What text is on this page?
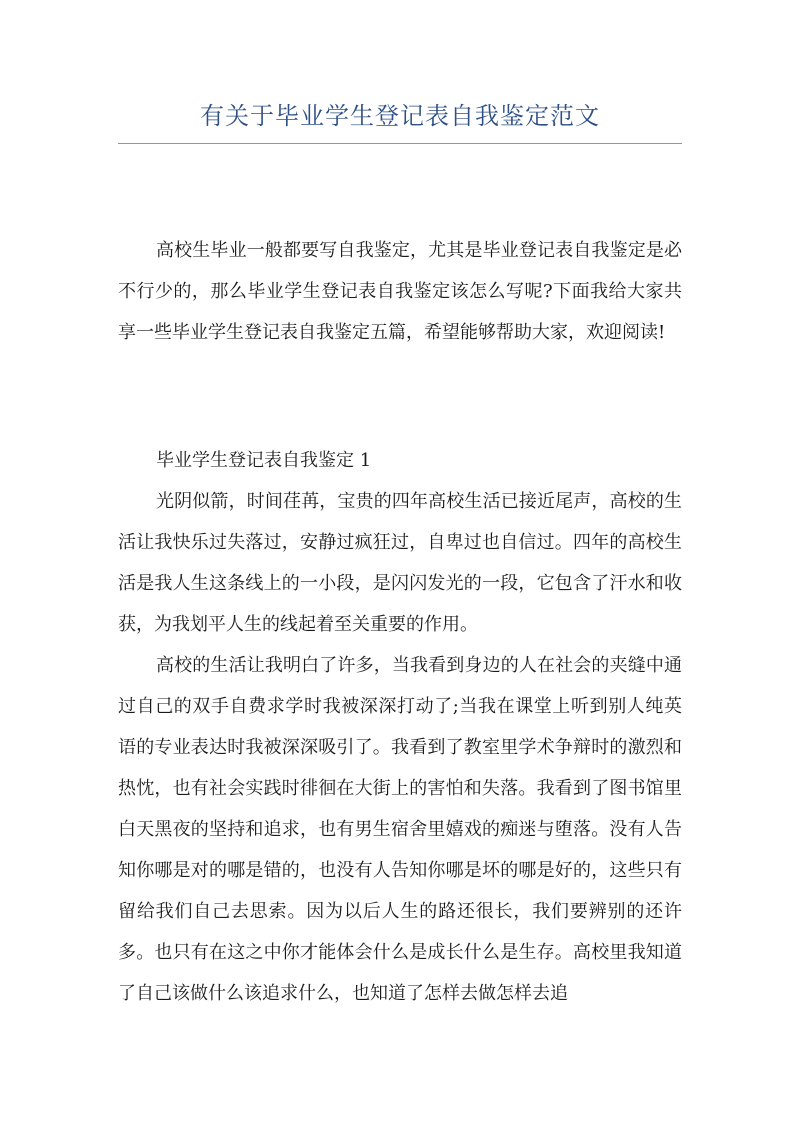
有关于毕业学生登记表自我鉴定范文

高校生毕业一般都要写自我鉴定，尤其是毕业登记表自我鉴定是必不行少的，那么毕业学生登记表自我鉴定该怎么写呢?下面我给大家共享一些毕业学生登记表自我鉴定五篇，希望能够帮助大家，欢迎阅读!

毕业学生登记表自我鉴定 1

光阴似箭，时间荏苒，宝贵的四年高校生活已接近尾声，高校的生活让我快乐过失落过，安静过疯狂过，自卑过也自信过。四年的高校生活是我人生这条线上的一小段，是闪闪发光的一段，它包含了汗水和收获，为我划平人生的线起着至关重要的作用。

高校的生活让我明白了许多，当我看到身边的人在社会的夹缝中通过自己的双手自费求学时我被深深打动了;当我在课堂上听到别人纯英语的专业表达时我被深深吸引了。我看到了教室里学术争辩时的激烈和热忱，也有社会实践时徘徊在大街上的害怕和失落。我看到了图书馆里白天黑夜的坚持和追求，也有男生宿舍里嬉戏的痴迷与堕落。没有人告知你哪是对的哪是错的，也没有人告知你哪是坏的哪是好的，这些只有留给我们自己去思索。因为以后人生的路还很长，我们要辨别的还许多。也只有在这之中你才能体会什么是成长什么是生存。高校里我知道了自己该做什么该追求什么，也知道了怎样去做怎样去追
